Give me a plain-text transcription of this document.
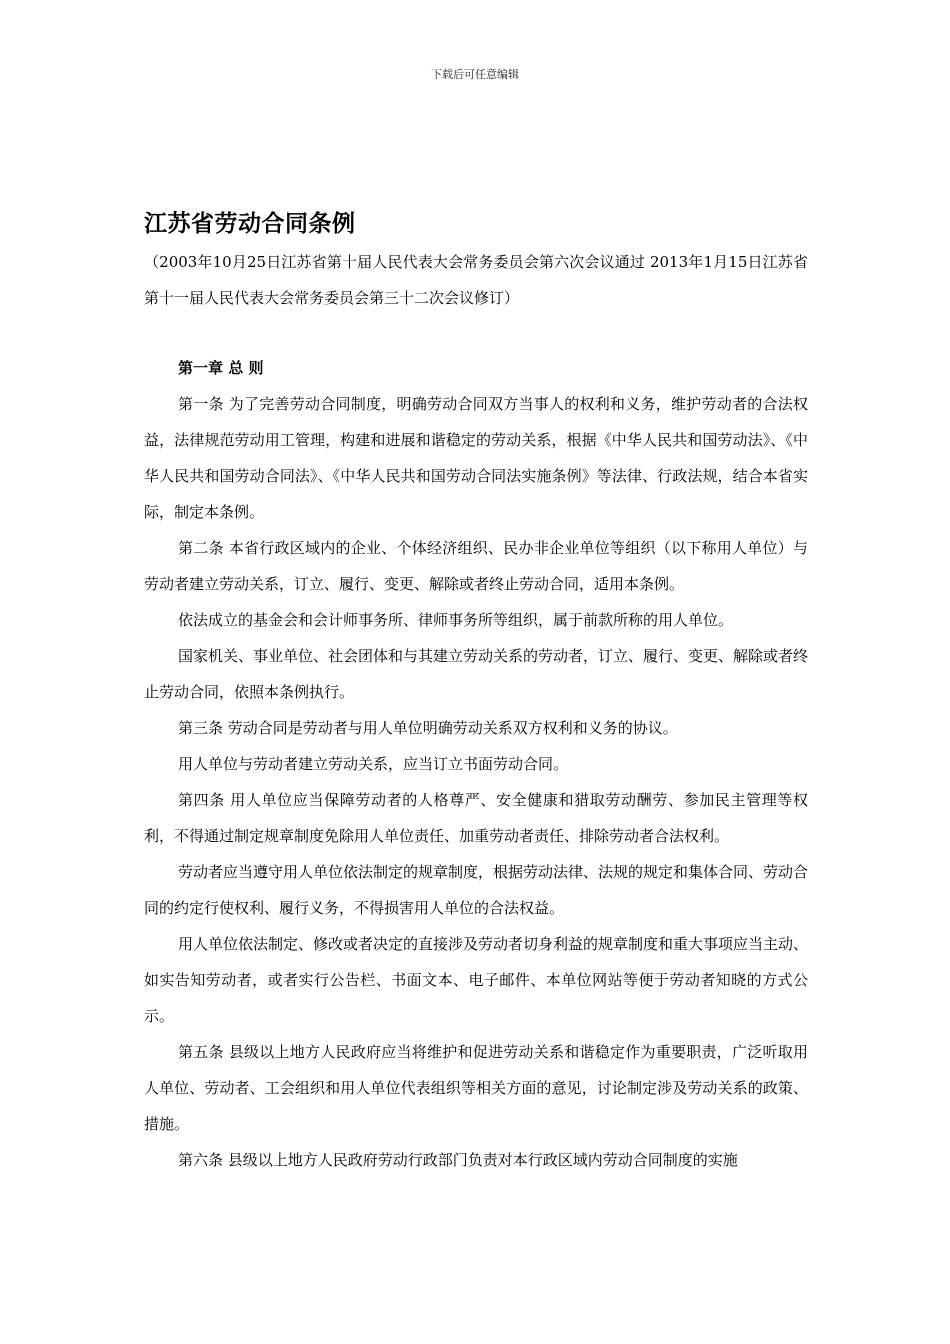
下载后可任意编辑
江苏省劳动合同条例

（2003年10月25日江苏省第十届人民代表大会常务委员会第六次会议通过 2013年1月15日江苏省第十一届人民代表大会常务委员会第三十二次会议修订）

第一章 总 则

第一条 为了完善劳动合同制度，明确劳动合同双方当事人的权利和义务，维护劳动者的合法权益，法律规范劳动用工管理，构建和进展和谐稳定的劳动关系，根据《中华人民共和国劳动法》、《中华人民共和国劳动合同法》、《中华人民共和国劳动合同法实施条例》等法律、行政法规，结合本省实际，制定本条例。

第二条 本省行政区域内的企业、个体经济组织、民办非企业单位等组织（以下称用人单位）与劳动者建立劳动关系，订立、履行、变更、解除或者终止劳动合同，适用本条例。

依法成立的基金会和会计师事务所、律师事务所等组织，属于前款所称的用人单位。

国家机关、事业单位、社会团体和与其建立劳动关系的劳动者，订立、履行、变更、解除或者终止劳动合同，依照本条例执行。

第三条 劳动合同是劳动者与用人单位明确劳动关系双方权利和义务的协议。

用人单位与劳动者建立劳动关系，应当订立书面劳动合同。

第四条 用人单位应当保障劳动者的人格尊严、安全健康和猎取劳动酬劳、参加民主管理等权利，不得通过制定规章制度免除用人单位责任、加重劳动者责任、排除劳动者合法权利。

劳动者应当遵守用人单位依法制定的规章制度，根据劳动法律、法规的规定和集体合同、劳动合同的约定行使权利、履行义务，不得损害用人单位的合法权益。

用人单位依法制定、修改或者决定的直接涉及劳动者切身利益的规章制度和重大事项应当主动、如实告知劳动者，或者实行公告栏、书面文本、电子邮件、本单位网站等便于劳动者知晓的方式公示。

第五条 县级以上地方人民政府应当将维护和促进劳动关系和谐稳定作为重要职责，广泛听取用人单位、劳动者、工会组织和用人单位代表组织等相关方面的意见，讨论制定涉及劳动关系的政策、措施。

第六条 县级以上地方人民政府劳动行政部门负责对本行政区域内劳动合同制度的实施
